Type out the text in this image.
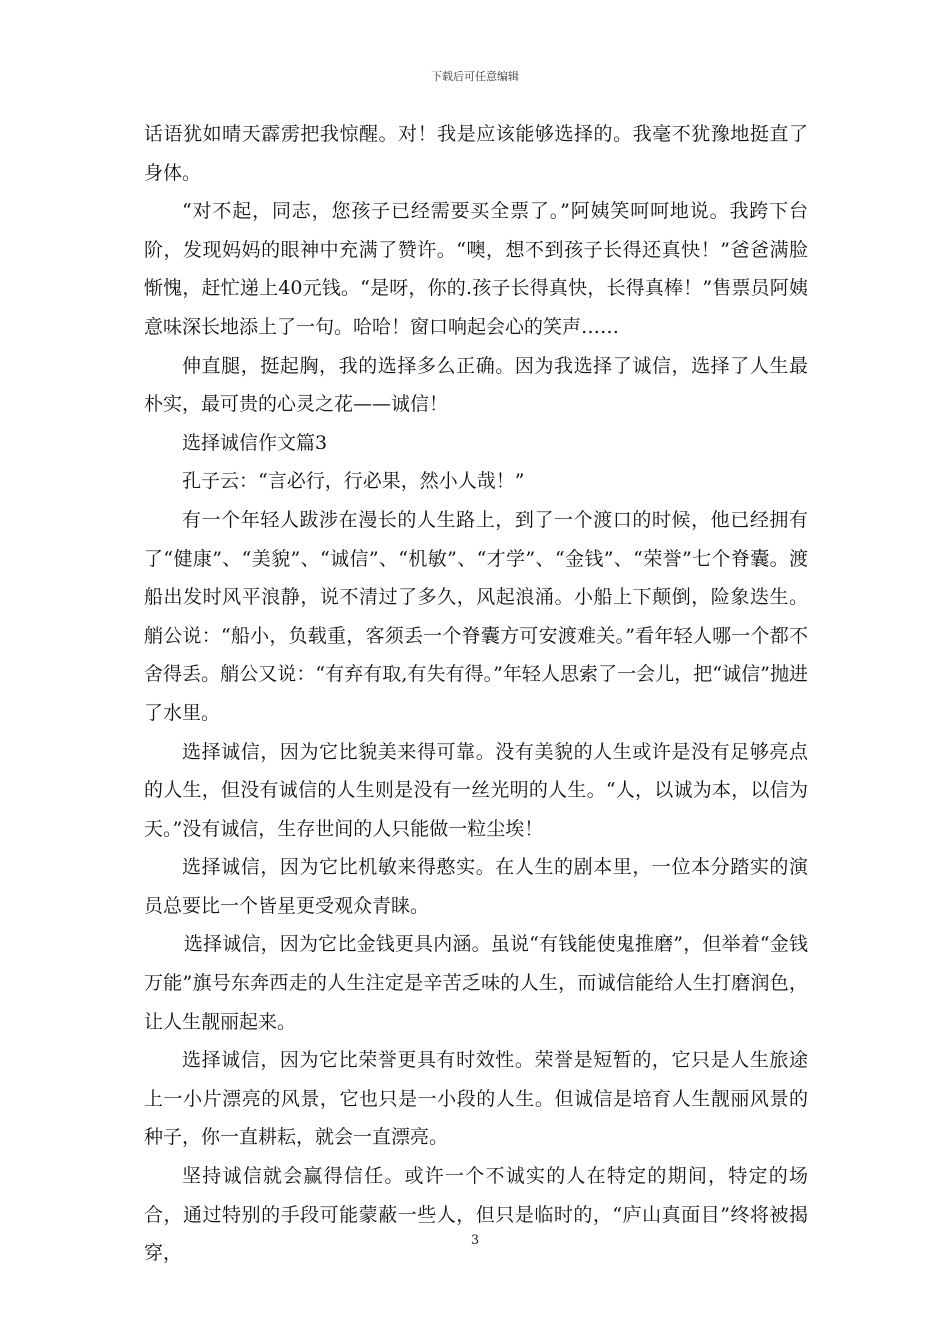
下载后可任意编辑

话语犹如晴天霹雳把我惊醒。对！我是应该能够选择的。我毫不犹豫地挺直了身体。

“对不起，同志，您孩子已经需要买全票了。”阿姨笑呵呵地说。我跨下台阶，发现妈妈的眼神中充满了赞许。“噢，想不到孩子长得还真快！”爸爸满脸惭愧，赶忙递上40元钱。“是呀，你的.孩子长得真快，长得真棒！”售票员阿姨意味深长地添上了一句。哈哈！窗口响起会心的笑声……

伸直腿，挺起胸，我的选择多么正确。因为我选择了诚信，选择了人生最朴实，最可贵的心灵之花——诚信！

选择诚信作文篇3

孔子云：“言必行，行必果，然小人哉！”

有一个年轻人跋涉在漫长的人生路上，到了一个渡口的时候，他已经拥有了“健康”、“美貌”、“诚信”、“机敏”、“才学”、“金钱”、“荣誉”七个脊囊。渡船出发时风平浪静，说不清过了多久，风起浪涌。小船上下颠倒，险象迭生。艄公说：“船小，负载重，客须丢一个脊囊方可安渡难关。”看年轻人哪一个都不舍得丢。艄公又说：“有弃有取,有失有得。”年轻人思索了一会儿，把“诚信”抛进了水里。

选择诚信，因为它比貌美来得可靠。没有美貌的人生或许是没有足够亮点的人生，但没有诚信的人生则是没有一丝光明的人生。“人，以诚为本，以信为天。”没有诚信，生存世间的人只能做一粒尘埃！

选择诚信，因为它比机敏来得憨实。在人生的剧本里，一位本分踏实的演员总要比一个皆星更受观众青睐。

选择诚信，因为它比金钱更具内涵。虽说“有钱能使鬼推磨”，但举着“金钱万能”旗号东奔西走的人生注定是辛苦乏味的人生，而诚信能给人生打磨润色，让人生靓丽起来。

选择诚信，因为它比荣誉更具有时效性。荣誉是短暂的，它只是人生旅途上一小片漂亮的风景，它也只是一小段的人生。但诚信是培育人生靓丽风景的种子，你一直耕耘，就会一直漂亮。

坚持诚信就会赢得信任。或许一个不诚实的人在特定的期间，特定的场合，通过特别的手段可能蒙蔽一些人，但只是临时的，“庐山真面目”终将被揭穿，

3
